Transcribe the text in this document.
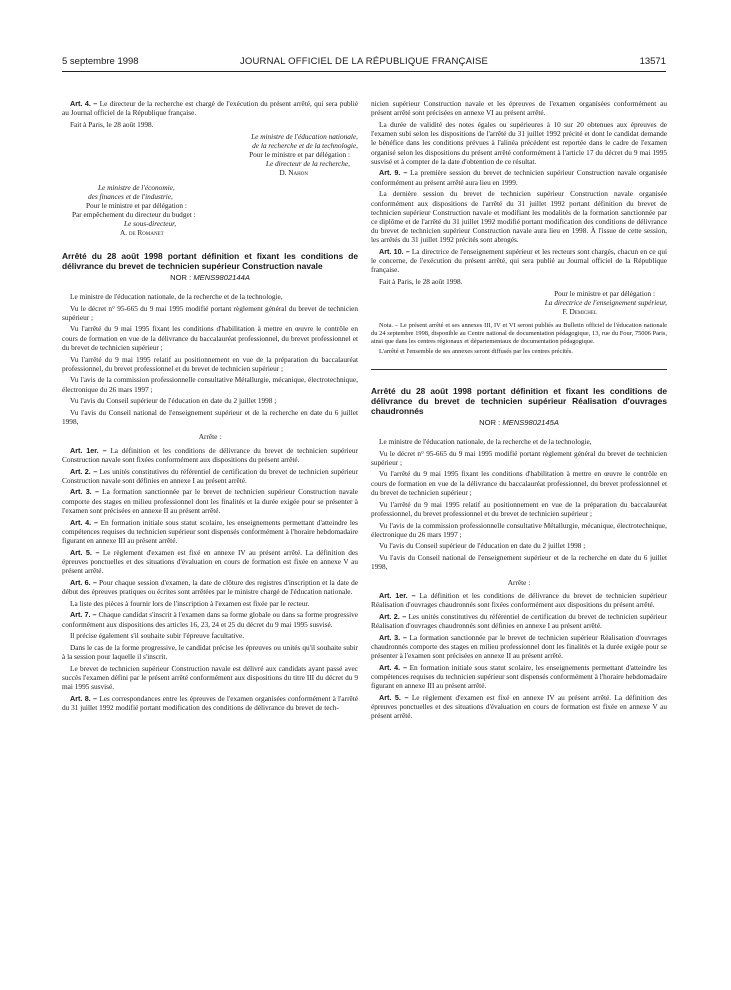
5 septembre 1998	JOURNAL OFFICIEL DE LA RÉPUBLIQUE FRANÇAISE	13571

Art. 4. – Le directeur de la recherche est chargé de l'exécution du présent arrêté, qui sera publié au Journal officiel de la République française.

Fait à Paris, le 28 août 1998.

Le ministre de l'éducation nationale,

de la recherche et de la technologie,

Pour le ministre et par délégation :

Le directeur de la recherche,

D. Nahon

Le ministre de l'économie,

des finances et de l'industrie,

Pour le ministre et par délégation :

Par empêchement du directeur du budget :

Le sous-directeur,

A. de Romanet

Arrêté du 28 août 1998 portant définition et fixant les conditions de délivrance du brevet de technicien supérieur Construction navale

NOR : MENS9802144A

Le ministre de l'éducation nationale, de la recherche et de la technologie,

Vu le décret n° 95-665 du 9 mai 1995 modifié portant règlement général du brevet de technicien supérieur ;

Vu l'arrêté du 9 mai 1995 fixant les conditions d'habilitation à mettre en œuvre le contrôle en cours de formation en vue de la délivrance du baccalauréat professionnel, du brevet professionnel et du brevet de technicien supérieur ;

Vu l'arrêté du 9 mai 1995 relatif au positionnement en vue de la préparation du baccalauréat professionnel, du brevet professionnel et du brevet de technicien supérieur ;

Vu l'avis de la commission professionnelle consultative Métallurgie, mécanique, électrotechnique, électronique du 26 mars 1997 ;

Vu l'avis du Conseil supérieur de l'éducation en date du 2 juillet 1998 ;

Vu l'avis du Conseil national de l'enseignement supérieur et de la recherche en date du 6 juillet 1998,

Arrête :

Art. 1er. – La définition et les conditions de délivrance du brevet de technicien supérieur Construction navale sont fixées conformément aux dispositions du présent arrêté.

Art. 2. – Les unités constitutives du référentiel de certification du brevet de technicien supérieur Construction navale sont définies en annexe I au présent arrêté.

Art. 3. – La formation sanctionnée par le brevet de technicien supérieur Construction navale comporte des stages en milieu professionnel dont les finalités et la durée exigée pour se présenter à l'examen sont précisées en annexe II au présent arrêté.

Art. 4. – En formation initiale sous statut scolaire, les enseignements permettant d'atteindre les compétences requises du technicien supérieur sont dispensés conformément à l'horaire hebdomadaire figurant en annexe III au présent arrêté.

Art. 5. – Le règlement d'examen est fixé en annexe IV au présent arrêté. La définition des épreuves ponctuelles et des situations d'évaluation en cours de formation est fixée en annexe V au présent arrêté.

Art. 6. – Pour chaque session d'examen, la date de clôture des registres d'inscription et la date de début des épreuves pratiques ou écrites sont arrêtées par le ministre chargé de l'éducation nationale.

La liste des pièces à fournir lors de l'inscription à l'examen est fixée par le recteur.

Art. 7. – Chaque candidat s'inscrit à l'examen dans sa forme globale ou dans sa forme progressive conformément aux dispositions des articles 16, 23, 24 et 25 du décret du 9 mai 1995 susvisé.

Il précise également s'il souhaite subir l'épreuve facultative.

Dans le cas de la forme progressive, le candidat précise les épreuves ou unités qu'il souhaite subir à la session pour laquelle il s'inscrit.

Le brevet de technicien supérieur Construction navale est délivré aux candidats ayant passé avec succès l'examen défini par le présent arrêté conformément aux dispositions du titre III du décret du 9 mai 1995 susvisé.

Art. 8. – Les correspondances entre les épreuves de l'examen organisées conformément à l'arrêté du 31 juillet 1992 modifié portant modification des conditions de délivrance du brevet de tech-

nicien supérieur Construction navale et les épreuves de l'examen organisées conformément au présent arrêté sont précisées en annexe VI au présent arrêté.

La durée de validité des notes égales ou supérieures à 10 sur 20 obtenues aux épreuves de l'examen subi selon les dispositions de l'arrêté du 31 juillet 1992 précité et dont le candidat demande le bénéfice dans les conditions prévues à l'alinéa précédent est reportée dans le cadre de l'examen organisé selon les dispositions du présent arrêté conformément à l'article 17 du décret du 9 mai 1995 susvisé et à compter de la date d'obtention de ce résultat.

Art. 9. – La première session du brevet de technicien supérieur Construction navale organisée conformément au présent arrêté aura lieu en 1999.

La dernière session du brevet de technicien supérieur Construction navale organisée conformément aux dispositions de l'arrêté du 31 juillet 1992 portant définition du brevet de technicien supérieur Construction navale et modifiant les modalités de la formation sanctionnée par ce diplôme et de l'arrêté du 31 juillet 1992 modifié portant modification des conditions de délivrance du brevet de technicien supérieur Construction navale aura lieu en 1998. À l'issue de cette session, les arrêtés du 31 juillet 1992 précités sont abrogés.

Art. 10. – La directrice de l'enseignement supérieur et les recteurs sont chargés, chacun en ce qui le concerne, de l'exécution du présent arrêté, qui sera publié au Journal officiel de la République française.

Fait à Paris, le 28 août 1998.

Pour le ministre et par délégation :

La directrice de l'enseignement supérieur,

F. Demichel

Nota. – Le présent arrêté et ses annexes III, IV et VI seront publiés au Bulletin officiel de l'éducation nationale du 24 septembre 1998, disponible au Centre national de documentation pédagogique, 13, rue du Four, 75006 Paris, ainsi que dans les centres régionaux et départementaux de documentation pédagogique.

L'arrêté et l'ensemble de ses annexes seront diffusés par les centres précités.

Arrêté du 28 août 1998 portant définition et fixant les conditions de délivrance du brevet de technicien supérieur Réalisation d'ouvrages chaudronnés

NOR : MENS9802145A

Le ministre de l'éducation nationale, de la recherche et de la technologie,

Vu le décret n° 95-665 du 9 mai 1995 modifié portant règlement général du brevet de technicien supérieur ;

Vu l'arrêté du 9 mai 1995 fixant les conditions d'habilitation à mettre en œuvre le contrôle en cours de formation en vue de la délivrance du baccalauréat professionnel, du brevet professionnel et du brevet de technicien supérieur ;

Vu l'arrêté du 9 mai 1995 relatif au positionnement en vue de la préparation du baccalauréat professionnel, du brevet professionnel et du brevet de technicien supérieur ;

Vu l'avis de la commission professionnelle consultative Métallurgie, mécanique, électrotechnique, électronique du 26 mars 1997 ;

Vu l'avis du Conseil supérieur de l'éducation en date du 2 juillet 1998 ;

Vu l'avis du Conseil national de l'enseignement supérieur et de la recherche en date du 6 juillet 1998,

Arrête :

Art. 1er. – La définition et les conditions de délivrance du brevet de technicien supérieur Réalisation d'ouvrages chaudronnés sont fixées conformément aux dispositions du présent arrêté.

Art. 2. – Les unités constitutives du référentiel de certification du brevet de technicien supérieur Réalisation d'ouvrages chaudronnés sont définies en annexe I au présent arrêté.

Art. 3. – La formation sanctionnée par le brevet de technicien supérieur Réalisation d'ouvrages chaudronnés comporte des stages en milieu professionnel dont les finalités et la durée exigée pour se présenter à l'examen sont précisées en annexe II au présent arrêté.

Art. 4. – En formation initiale sous statut scolaire, les enseignements permettant d'atteindre les compétences requises du technicien supérieur sont dispensés conformément à l'horaire hebdomadaire figurant en annexe III au présent arrêté.

Art. 5. – Le règlement d'examen est fixé en annexe IV au présent arrêté. La définition des épreuves ponctuelles et des situations d'évaluation en cours de formation est fixée en annexe V au présent arrêté.
